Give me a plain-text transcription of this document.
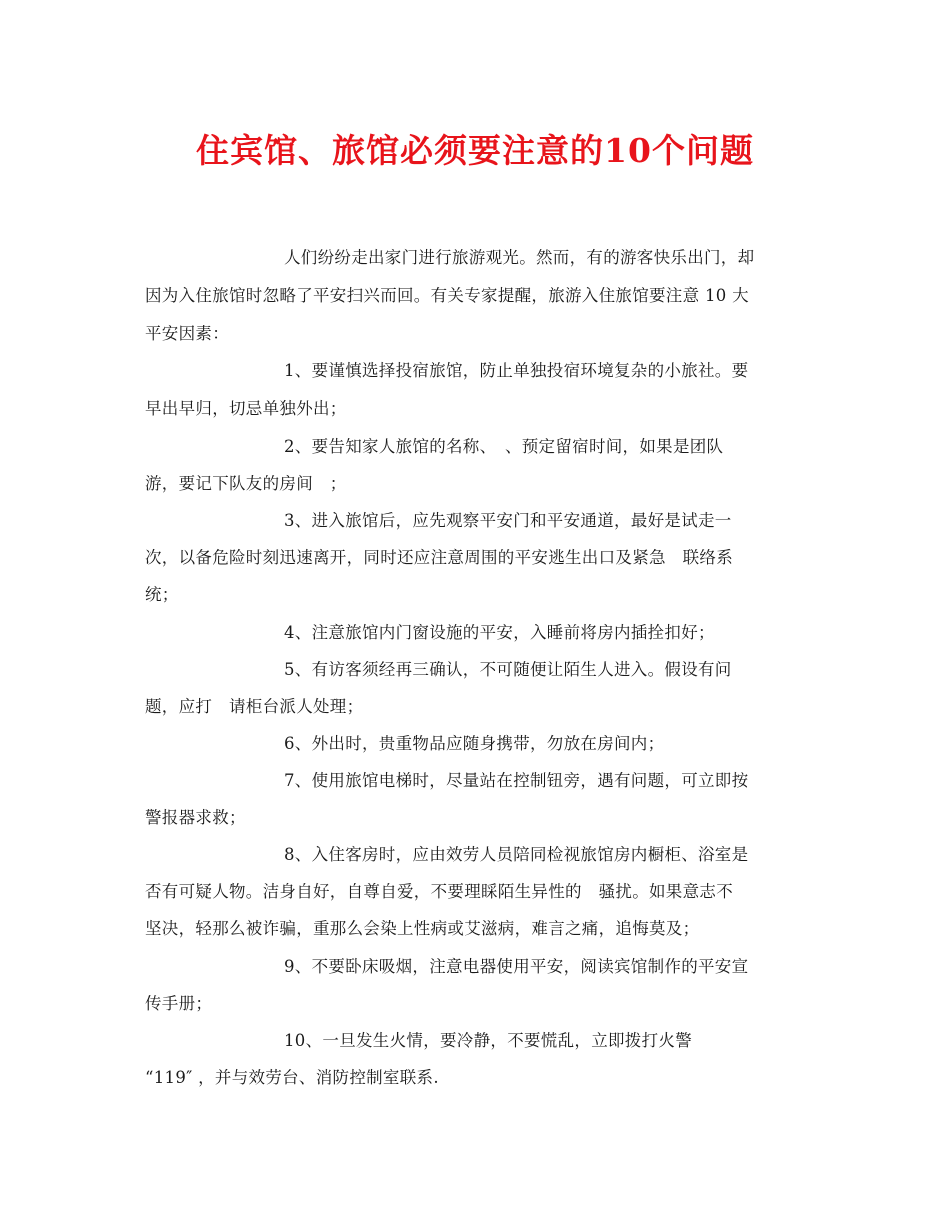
住宾馆、旅馆必须要注意的10个问题
人们纷纷走出家门进行旅游观光。然而，有的游客快乐出门，却
因为入住旅馆时忽略了平安扫兴而回。有关专家提醒，旅游入住旅馆要注意 10 大
平安因素：
1、要谨慎选择投宿旅馆，防止单独投宿环境复杂的小旅社。要
早出早归，切忌单独外出；
2、要告知家人旅馆的名称、　、预定留宿时间，如果是团队
游，要记下队友的房间　；
3、进入旅馆后，应先观察平安门和平安通道，最好是试走一
次，以备危险时刻迅速离开，同时还应注意周围的平安逃生出口及紧急　联络系
统；
4、注意旅馆内门窗设施的平安，入睡前将房内插拴扣好；
5、有访客须经再三确认，不可随便让陌生人进入。假设有问
题，应打　请柜台派人处理；
6、外出时，贵重物品应随身携带，勿放在房间内；
7、使用旅馆电梯时，尽量站在控制钮旁，遇有问题，可立即按
警报器求救；
8、入住客房时，应由效劳人员陪同检视旅馆房内橱柜、浴室是
否有可疑人物。洁身自好，自尊自爱，不要理睬陌生异性的　骚扰。如果意志不
坚决，轻那么被诈骗，重那么会染上性病或艾滋病，难言之痛，追悔莫及；
9、不要卧床吸烟，注意电器使用平安，阅读宾馆制作的平安宣
传手册；
10、一旦发生火情，要冷静，不要慌乱，立即拨打火警
“119″ ，并与效劳台、消防控制室联系.
